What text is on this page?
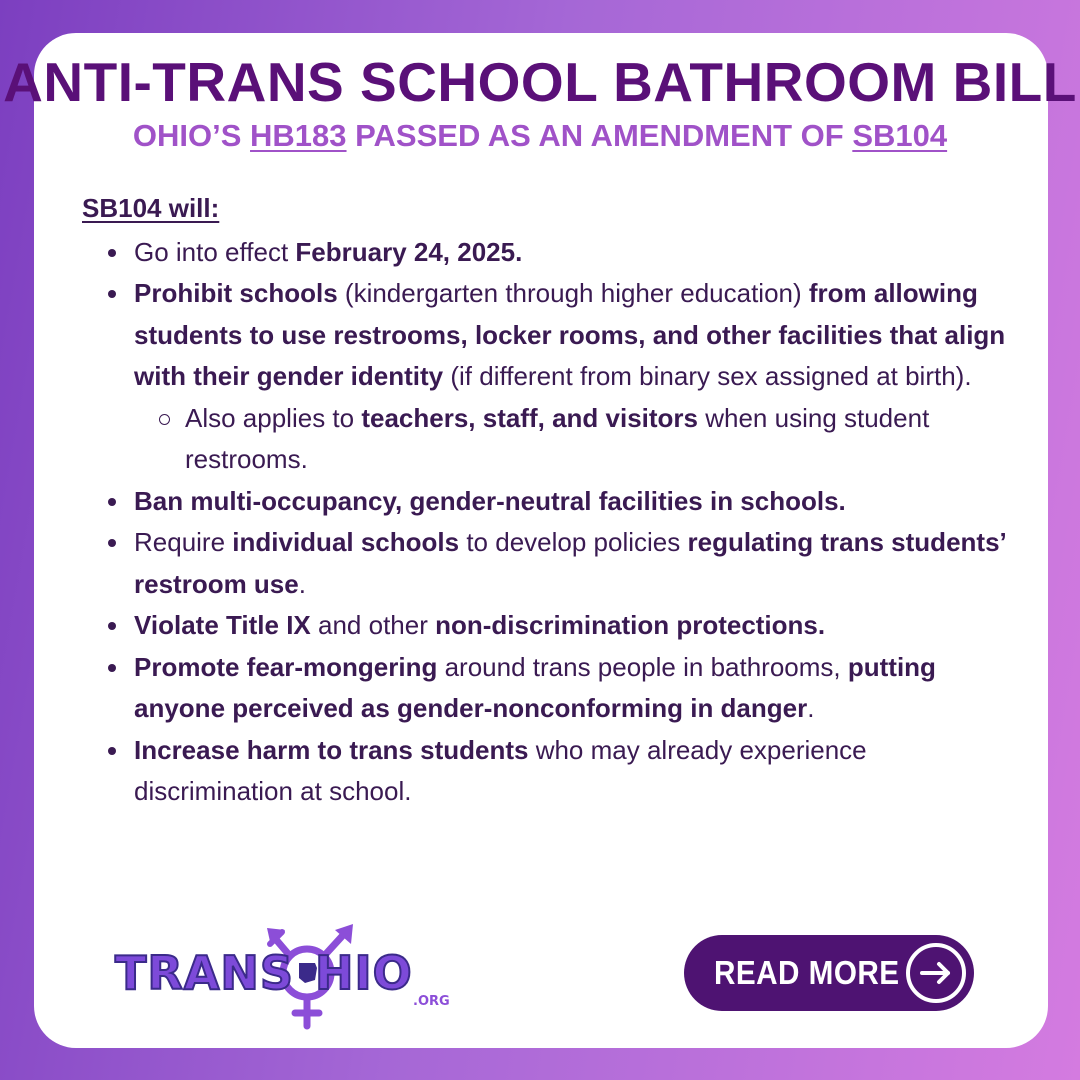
ANTI-TRANS SCHOOL BATHROOM BILL
OHIO’S HB183 PASSED AS AN AMENDMENT OF SB104
SB104 will:
Go into effect February 24, 2025.
Prohibit schools (kindergarten through higher education) from allowing students to use restrooms, locker rooms, and other facilities that align with their gender identity (if different from binary sex assigned at birth).
Also applies to teachers, staff, and visitors when using student restrooms.
Ban multi-occupancy, gender-neutral facilities in schools.
Require individual schools to develop policies regulating trans students’ restroom use.
Violate Title IX and other non-discrimination protections.
Promote fear-mongering around trans people in bathrooms, putting anyone perceived as gender-nonconforming in danger.
Increase harm to trans students who may already experience discrimination at school.
TRANS HIO
.ORG
READ MORE
